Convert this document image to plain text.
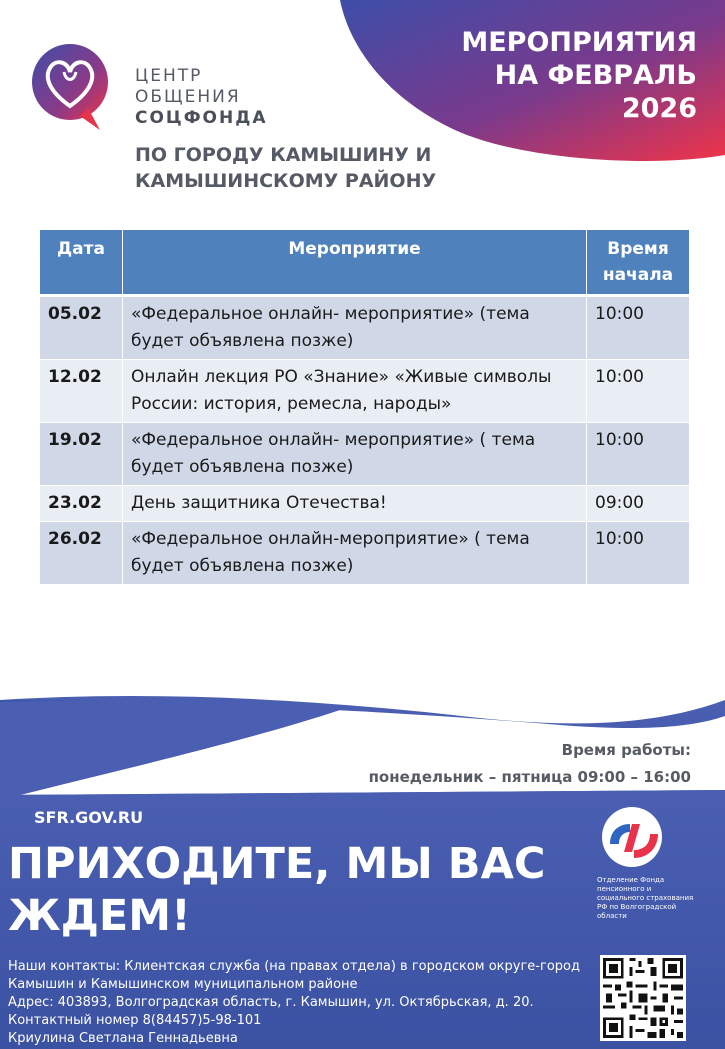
МЕРОПРИЯТИЯ
НА ФЕВРАЛЬ
2026
ЦЕНТР
ОБЩЕНИЯ
СОЦФОНДА
ПО ГОРОДУ КАМЫШИНУ И
КАМЫШИНСКОМУ РАЙОНУ
Дата	Мероприятие	Время начала
05.02	«Федеральное онлайн- мероприятие» (тема будет объявлена позже)	10:00
12.02	Онлайн лекция РО «Знание» «Живые символы России: история, ремесла, народы»	10:00
19.02	«Федеральное онлайн- мероприятие» ( тема будет объявлена позже)	10:00
23.02	День защитника Отечества!	09:00
26.02	«Федеральное онлайн-мероприятие» ( тема будет объявлена позже)	10:00
Время работы:
понедельник – пятница 09:00 – 16:00
SFR.GOV.RU
ПРИХОДИТЕ, МЫ ВАС ЖДЕМ!
Отделение Фонда пенсионного и социального страхования РФ по Волгоградской области
Наши контакты: Клиентская служба (на правах отдела) в городском округе-город
Камышин и Камышинском муниципальном районе
Адрес: 403893, Волгоградская область, г. Камышин, ул. Октябрьская, д. 20.
Контактный номер 8(84457)5-98-101
Криулина Светлана Геннадьевна
